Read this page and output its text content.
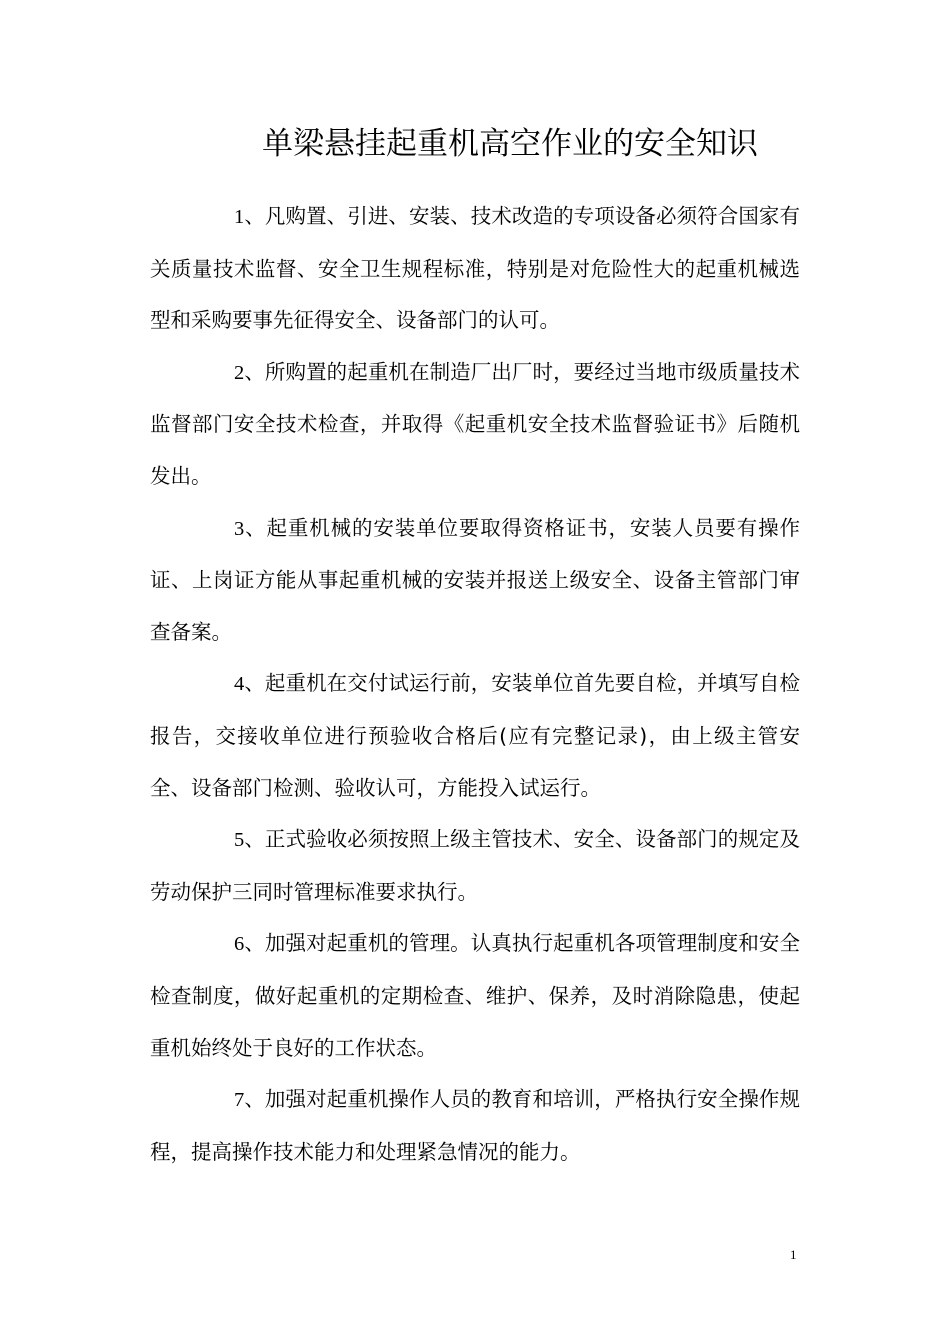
单梁悬挂起重机高空作业的安全知识

1、凡购置、引进、安装、技术改造的专项设备必须符合国家有关质量技术监督、安全卫生规程标准，特别是对危险性大的起重机械选型和采购要事先征得安全、设备部门的认可。

2、所购置的起重机在制造厂出厂时，要经过当地市级质量技术监督部门安全技术检查，并取得《起重机安全技术监督验证书》后随机发出。

3、起重机械的安装单位要取得资格证书，安装人员要有操作证、上岗证方能从事起重机械的安装并报送上级安全、设备主管部门审查备案。

4、起重机在交付试运行前，安装单位首先要自检，并填写自检报告，交接收单位进行预验收合格后(应有完整记录)，由上级主管安全、设备部门检测、验收认可，方能投入试运行。

5、正式验收必须按照上级主管技术、安全、设备部门的规定及劳动保护三同时管理标准要求执行。

6、加强对起重机的管理。认真执行起重机各项管理制度和安全检查制度，做好起重机的定期检查、维护、保养，及时消除隐患，使起重机始终处于良好的工作状态。

7、加强对起重机操作人员的教育和培训，严格执行安全操作规程，提高操作技术能力和处理紧急情况的能力。

1
